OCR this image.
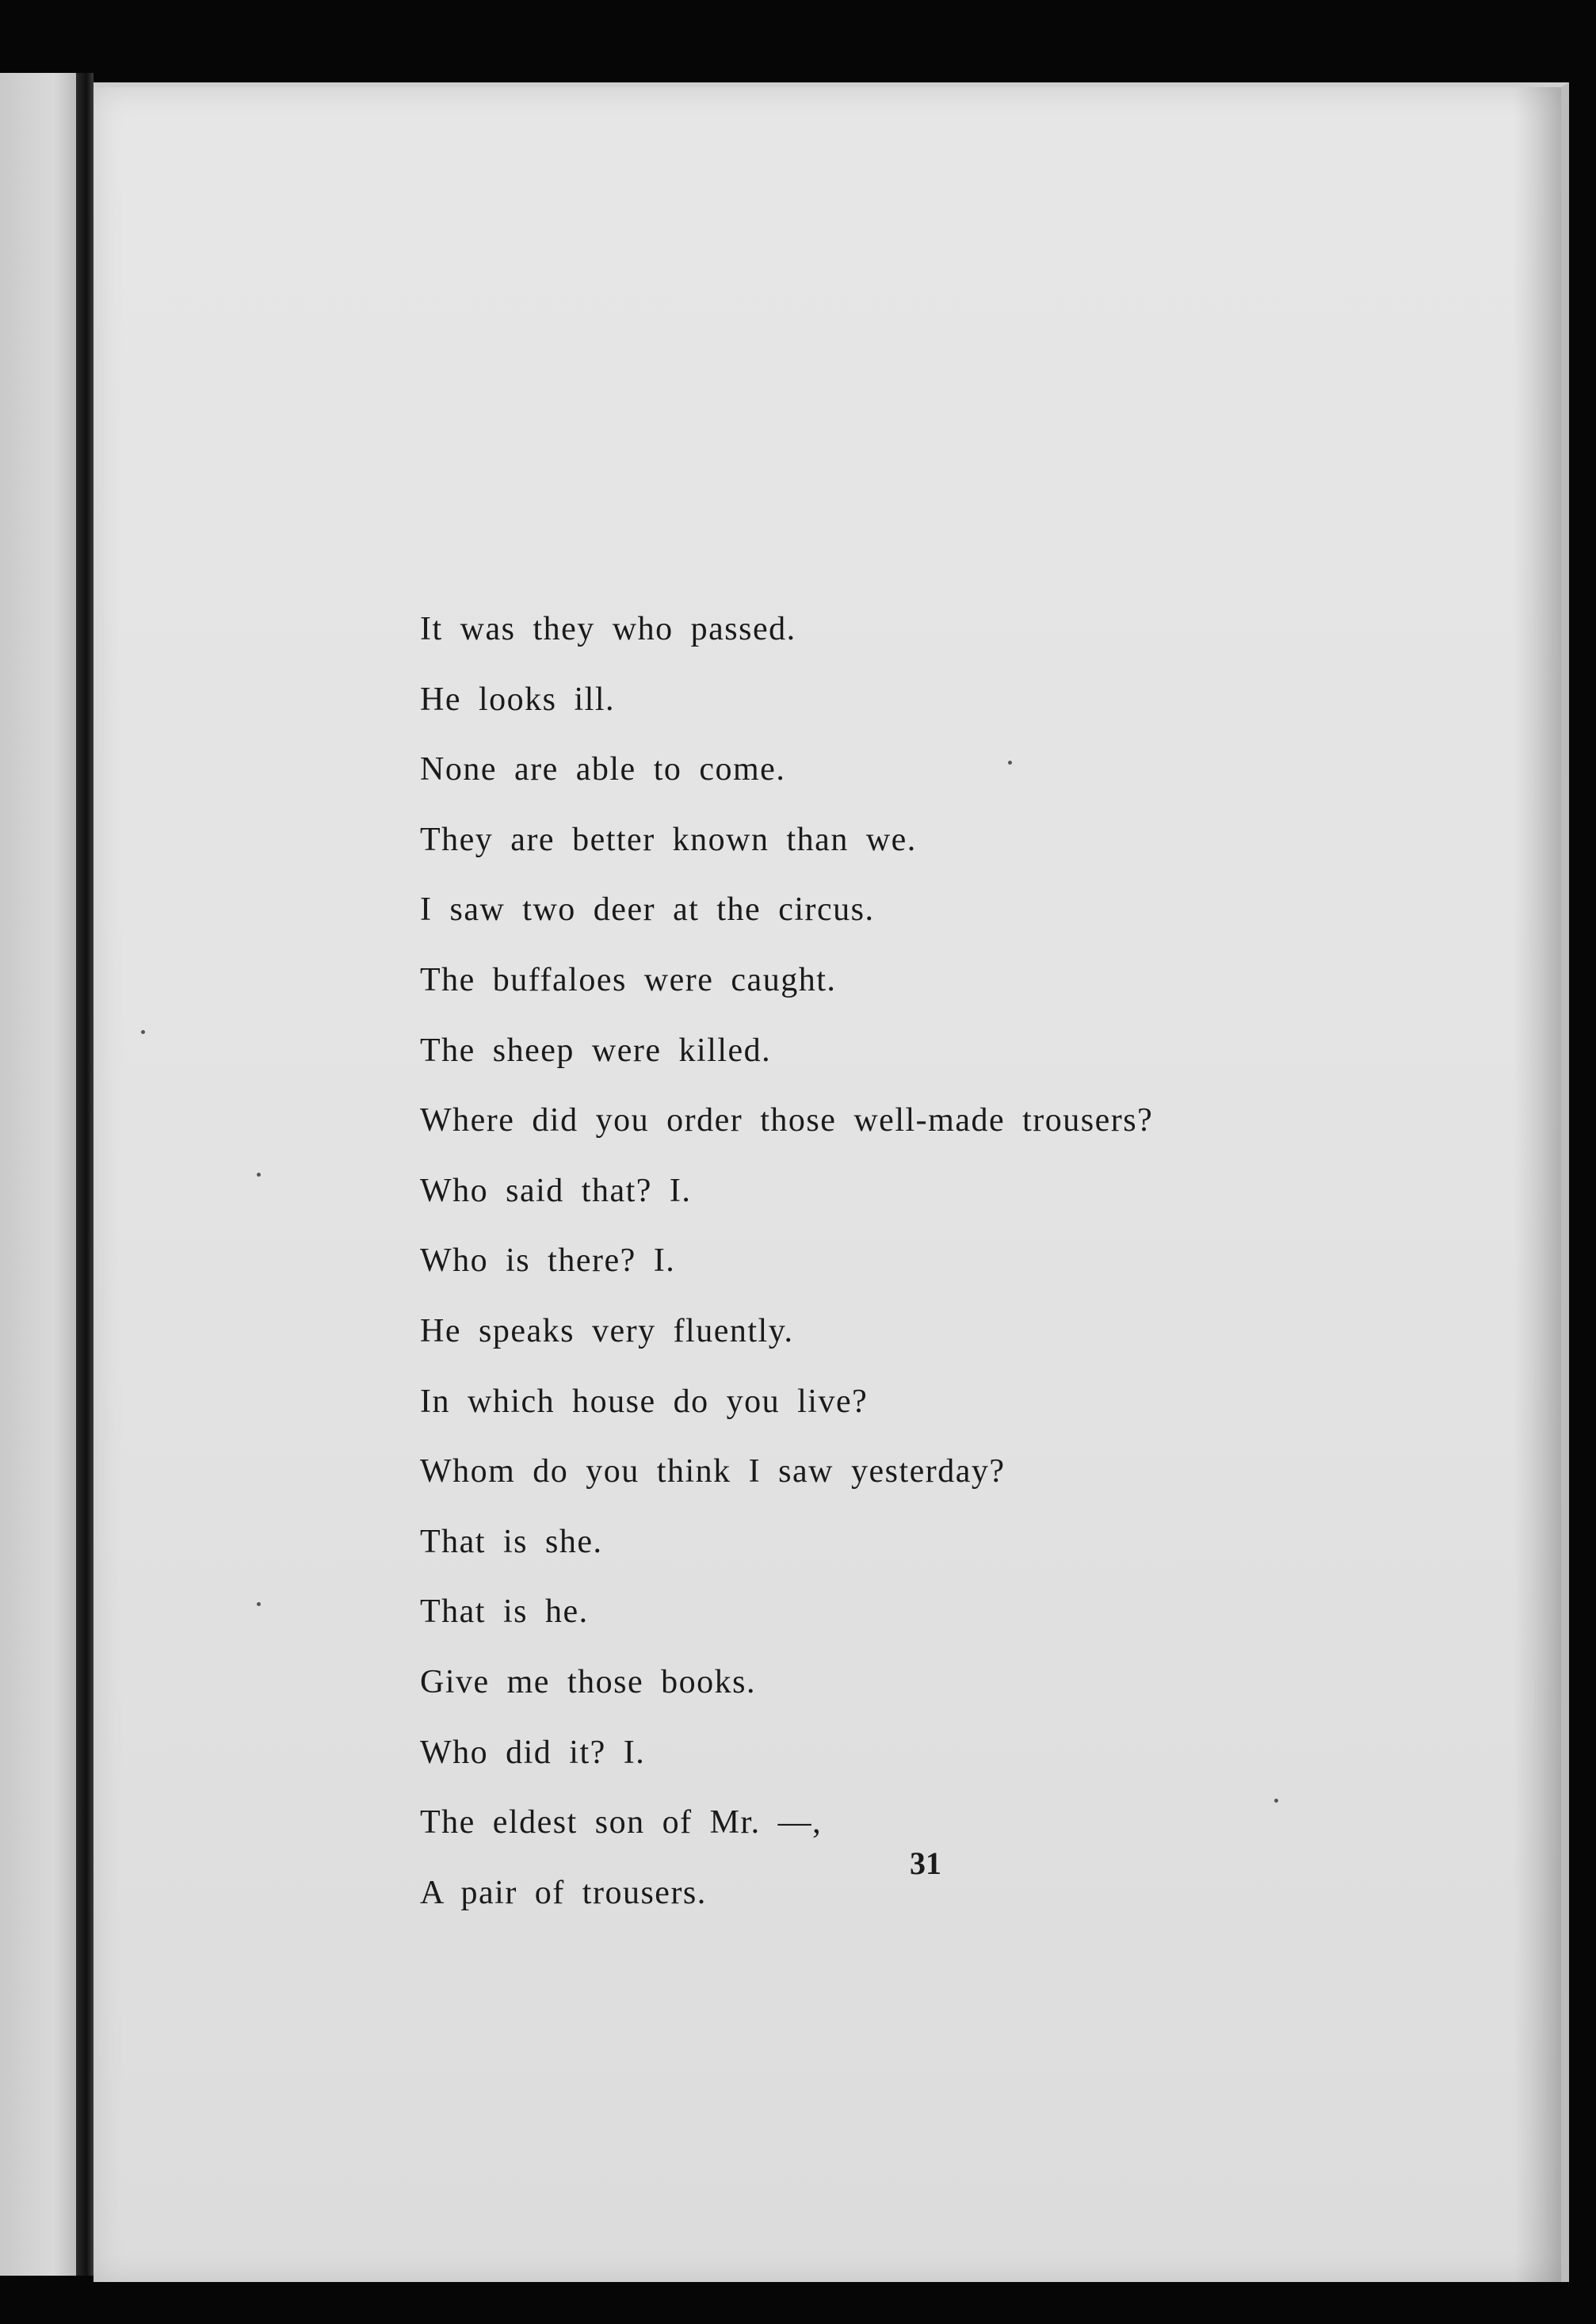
It was they who passed.
He looks ill.
None are able to come.
They are better known than we.
I saw two deer at the circus.
The buffaloes were caught.
The sheep were killed.
Where did you order those well-made trousers?
Who said that? I.
Who is there? I.
He speaks very fluently.
In which house do you live?
Whom do you think I saw yesterday?
That is she.
That is he.
Give me those books.
Who did it? I.
The eldest son of Mr. —,
A pair of trousers.
31
